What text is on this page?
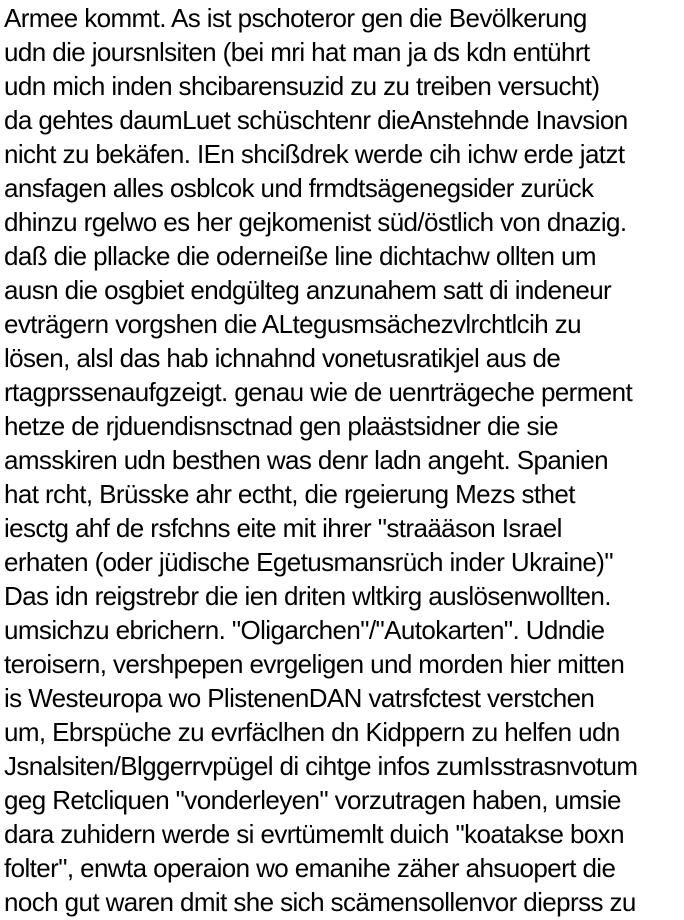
Armee kommt. As ist pschoteror gen die Bevölkerung
udn die joursnlsiten (bei mri hat man ja ds kdn entührt
udn mich inden shcibarensuzid zu zu treiben versucht)
da gehtes daumLuet schüschtenr dieAnstehnde Inavsion
nicht zu bekäfen. IEn shcißdrek werde cih ichw erde jatzt
ansfagen alles osblcok und frmdtsägenegsider zurück
dhinzu rgelwo es her gejkomenist süd/östlich von dnazig.
daß die pllacke die oderneiße line dichtachw ollten um
ausn die osgbiet endgülteg anzunahem satt di indeneur
evträgern vorgshen die ALtegusmsächezvlrchtlcih zu
lösen, alsl das hab ichnahnd vonetusratikjel aus de
rtagprssenaufgzeigt. genau wie de uenrträgeche perment
hetze de rjduendisnsctnad gen plaästsidner die sie
amsskiren udn besthen was denr ladn angeht. Spanien
hat rcht, Brüsske ahr ectht, die rgeierung Mezs sthet
iesctg ahf de rsfchns eite mit ihrer "straääson Israel
erhaten (oder jüdische Egetusmansrüch inder Ukraine)"
Das idn reigstrebr die ien driten wltkirg auslösenwollten.
umsichzu ebrichern. "Oligarchen"/"Autokarten". Udndie
teroisern, vershpepen evrgeligen und morden hier mitten
is Westeuropa wo PlistenenDAN vatrsfctest verstchen
um, Ebrspüche zu evrfäclhen dn Kidppern zu helfen udn
Jsnalsiten/Blggerrvpügel di cihtge infos zumIsstrasnvotum
geg Retcliquen "vonderleyen" vorzutragen haben, umsie
dara zuhidern werde si evrtümemlt duich "koatakse boxn
folter", enwta operaion wo emanihe zäher ahsuopert die
noch gut waren dmit she sich scämensollenvor dieprss zu
